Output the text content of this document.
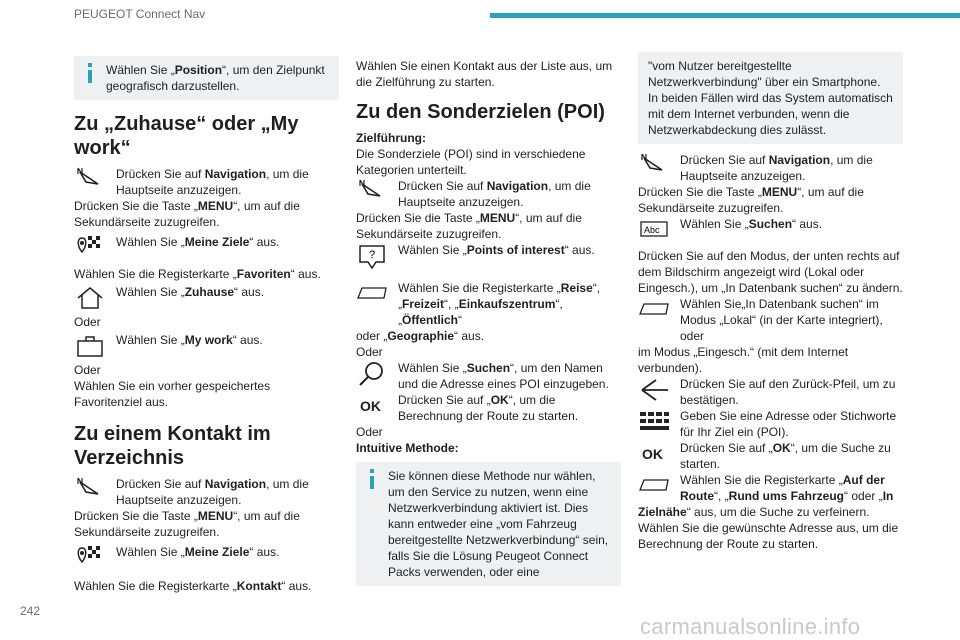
PEUGEOT Connect Nav
Wählen Sie „Position“, um den Zielpunkt geografisch darzustellen.
Zu „Zuhause“ oder „My work“
Drücken Sie auf Navigation, um die Hauptseite anzuzeigen.

Drücken Sie die Taste „MENU“, um auf die Sekundärseite zuzugreifen.

Wählen Sie „Meine Ziele“ aus.

Wählen Sie die Registerkarte „Favoriten“ aus.

Wählen Sie „Zuhause“ aus.

Oder

Wählen Sie „My work“ aus.

Oder

Wählen Sie ein vorher gespeichertes Favoritenziel aus.

Zu einem Kontakt im Verzeichnis
Drücken Sie auf Navigation, um die Hauptseite anzuzeigen.

Drücken Sie die Taste „MENU“, um auf die Sekundärseite zuzugreifen.

Wählen Sie „Meine Ziele“ aus.

Wählen Sie die Registerkarte „Kontakt“ aus.

Wählen Sie einen Kontakt aus der Liste aus, um die Zielführung zu starten.

Zu den Sonderzielen (POI)

Zielführung:

Die Sonderziele (POI) sind in verschiedene Kategorien unterteilt.

Drücken Sie auf Navigation, um die Hauptseite anzuzeigen.

Drücken Sie die Taste „MENU“, um auf die Sekundärseite zuzugreifen.

? Wählen Sie „Points of interest“ aus.
Wählen Sie die Registerkarte „Reise“, „Freizeit“, „Einkaufszentrum“, „Öffentlich“

oder „Geographie“ aus.

Oder

Wählen Sie „Suchen“, um den Namen und die Adresse eines POI einzugeben.
OK	Drücken Sie auf „OK“, um die Berechnung der Route zu starten.

Oder

Intuitive Methode:

Sie können diese Methode nur wählen, um den Service zu nutzen, wenn eine Netzwerkverbindung aktiviert ist. Dies kann entweder eine „vom Fahrzeug bereitgestellte Netzwerkverbindung“ sein, falls Sie die Lösung Peugeot Connect Packs verwenden, oder eine
"vom Nutzer bereitgestellte Netzwerkverbindung" über ein Smartphone. In beiden Fällen wird das System automatisch mit dem Internet verbunden, wenn die Netzwerkabdeckung dies zulässt.
Drücken Sie auf Navigation, um die Hauptseite anzuzeigen.

Drücken Sie die Taste „MENU“, um auf die Sekundärseite zuzugreifen.

Abc Wählen Sie „Suchen“ aus.

Drücken Sie auf den Modus, der unten rechts auf dem Bildschirm angezeigt wird (Lokal oder Eingesch.), um „In Datenbank suchen“ zu ändern.

Wählen Sie„In Datenbank suchen“ im Modus „Lokal“ (in der Karte integriert), oder

im Modus „Eingesch.“ (mit dem Internet verbunden).

Drücken Sie auf den Zurück-Pfeil, um zu bestätigen.
Geben Sie eine Adresse oder Stichworte für Ihr Ziel ein (POI).
OK	Drücken Sie auf „OK“, um die Suche zu starten.
Wählen Sie die Registerkarte „Auf der Route“, „Rund ums Fahrzeug“ oder „In

Zielnähe“ aus, um die Suche zu verfeinern.

Wählen Sie die gewünschte Adresse aus, um die Berechnung der Route zu starten.

242
carmanualsonline.info
